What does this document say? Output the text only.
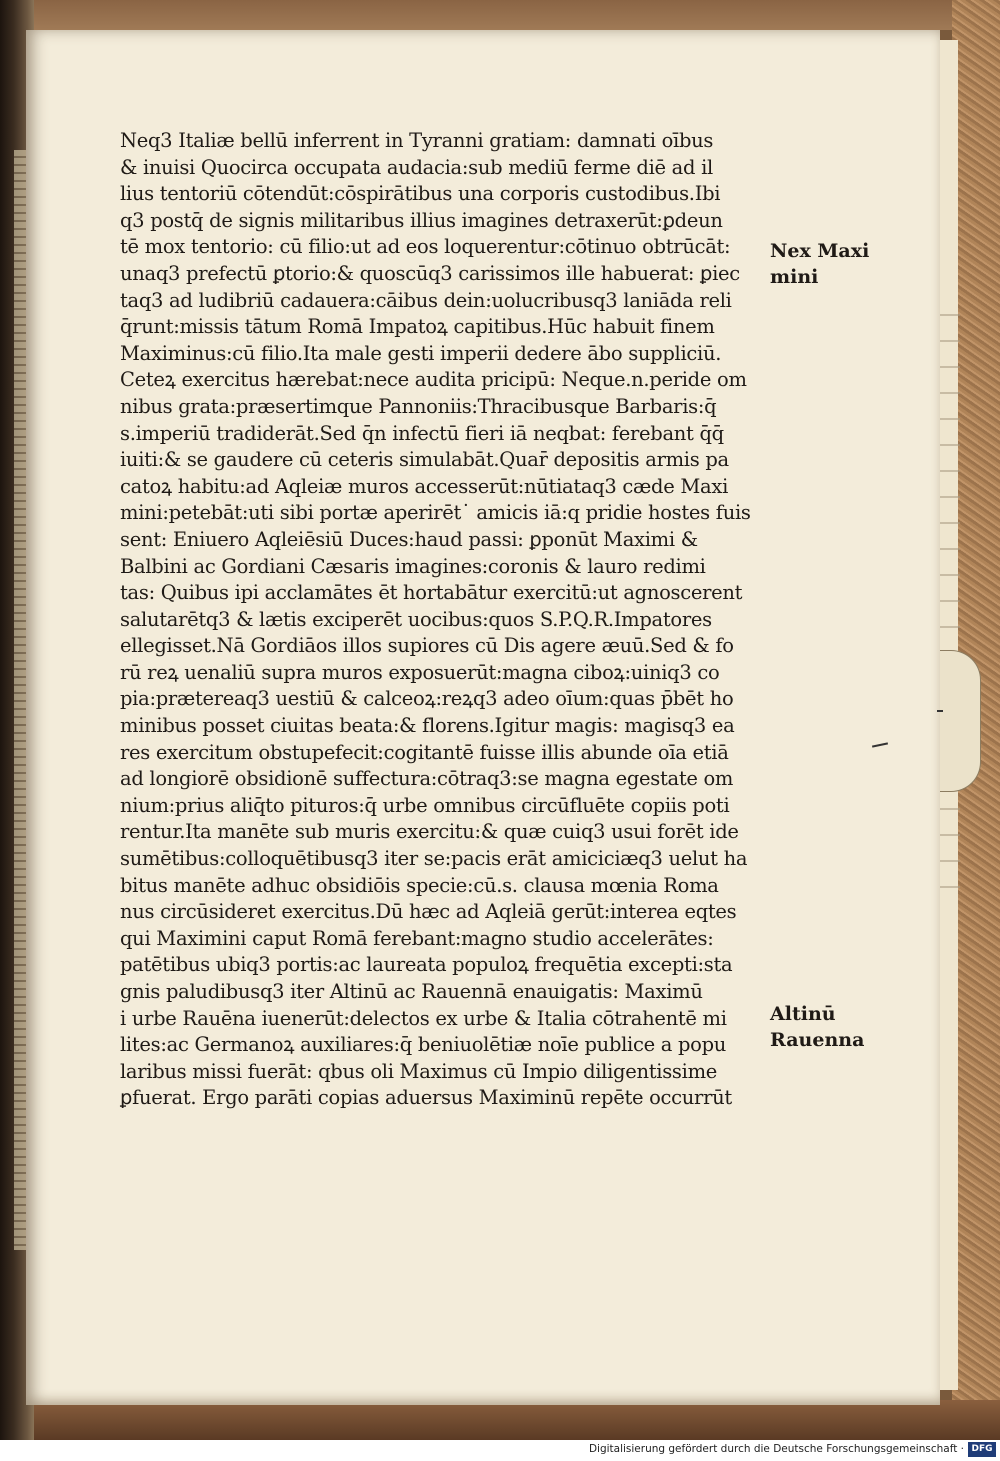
Neq3 Italiæ bellū inferrent in Tyranni gratiam: damnati oībus
& inuisi Quocirca occupata audacia:sub mediū ferme diē ad il
lius tentoriū cōtendūt:cōspirātibus una corporis custodibus.Ibi
q3 postq̄ de signis militaribus illius imagines detraxerūt:ꝑdeun
tē mox tentorio: cū filio:ut ad eos loquerentur:cōtinuo obtrūcāt:
unaq3 prefectū ꝑtorio:& quoscūq3 carissimos ille habuerat: ꝑiec
taq3 ad ludibriū cadauera:cāibus dein:uolucribusq3 laniāda reli
q̄runt:missis tātum Romā Impatoꝝ capitibus.Hūc habuit finem
Maximinus:cū filio.Ita male gesti imperii dedere ābo suppliciū.
Ceteꝝ exercitus hærebat:nece audita pricipū: Neque.n.peride om
nibus grata:præsertimque Pannoniis:Thracibusque Barbaris:q̄
s.imperiū tradiderāt.Sed q̄n infectū fieri iā neqbat: ferebant q̄q̄
iuiti:& se gaudere cū ceteris simulabāt.Quar̄ depositis armis pa
catoꝝ habitu:ad Aqleiæ muros accesserūt:nūtiataq3 cæde Maxi
mini:petebāt:uti sibi portæ aperirēt˙ amicis iā:q pridie hostes fuis
sent: Eniuero Aqleiēsiū Duces:haud passi: ꝑponūt Maximi &
Balbini ac Gordiani Cæsaris imagines:coronis & lauro redimi
tas: Quibus ipi acclamātes ēt hortabātur exercitū:ut agnoscerent
salutarētq3 & lætis exciperēt uocibus:quos S.P.Q.R.Impatores
ellegisset.Nā Gordiāos illos supiores cū Dis agere æuū.Sed & fo
rū reꝝ uenaliū supra muros exposuerūt:magna ciboꝝ:uiniq3 co
pia:prætereaq3 uestiū & calceoꝝ:reꝝq3 adeo oīum:quas p̄bēt ho
minibus posset ciuitas beata:& florens.Igitur magis: magisq3 ea
res exercitum obstupefecit:cogitantē fuisse illis abunde oīa etiā
ad longiorē obsidionē suffectura:cōtraq3:se magna egestate om
nium:prius aliq̄to pituros:q̄ urbe omnibus circūfluēte copiis poti
rentur.Ita manēte sub muris exercitu:& quæ cuiq3 usui forēt ide
sumētibus:colloquētibusq3 iter se:pacis erāt amiciciæq3 uelut ha
bitus manēte adhuc obsidiōis specie:cū.s. clausa mœnia Roma
nus circūsideret exercitus.Dū hæc ad Aqleiā gerūt:interea eqtes
qui Maximini caput Romā ferebant:magno studio accelerātes:
patētibus ubiq3 portis:ac laureata populoꝝ frequētia excepti:sta
gnis paludibusq3 iter Altinū ac Rauennā enauigatis: Maximū
i urbe Rauēna iuenerūt:delectos ex urbe & Italia cōtrahentē mi
lites:ac Germanoꝝ auxiliares:q̄ beniuolētiæ noīe publice a popu
laribus missi fuerāt: qbus oli Maximus cū Impio diligentissime
ꝑfuerat. Ergo parāti copias aduersus Maximinū repēte occurrūt
Nex Maxi
mini
Altinū
Rauenna
Digitalisierung gefördert durch die Deutsche Forschungsgemeinschaft · DFG
